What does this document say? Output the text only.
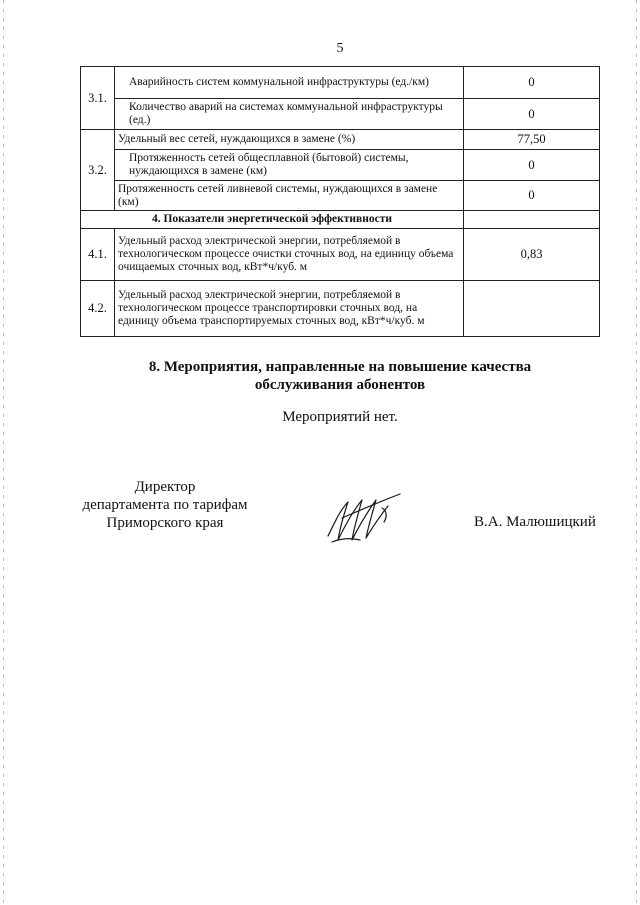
5
3.1.	Аварийность систем коммунальной инфраструктуры (ед./км)	0
	Количество аварий на системах коммунальной инфраструктуры (ед.)	0
3.2.	Удельный вес сетей, нуждающихся в замене (%)	77,50
	Протяженность сетей общесплавной (бытовой) системы, нуждающихся в замене (км)	0
	Протяженность сетей ливневой системы, нуждающихся в замене (км)	0
4. Показатели энергетической эффективности		
4.1.	Удельный расход электрической энергии, потребляемой в технологическом процессе очистки сточных вод, на единицу объема очищаемых сточных вод, кВт*ч/куб. м	0,83
4.2.	Удельный расход электрической энергии, потребляемой в технологическом процессе транспортировки сточных вод, на единицу объема транспортируемых сточных вод, кВт*ч/куб. м	
8. Мероприятия, направленные на повышение качества обслуживания абонентов
Мероприятий нет.
Директор
департамента по тарифам
Приморского края	В.А. Малюшицкий
